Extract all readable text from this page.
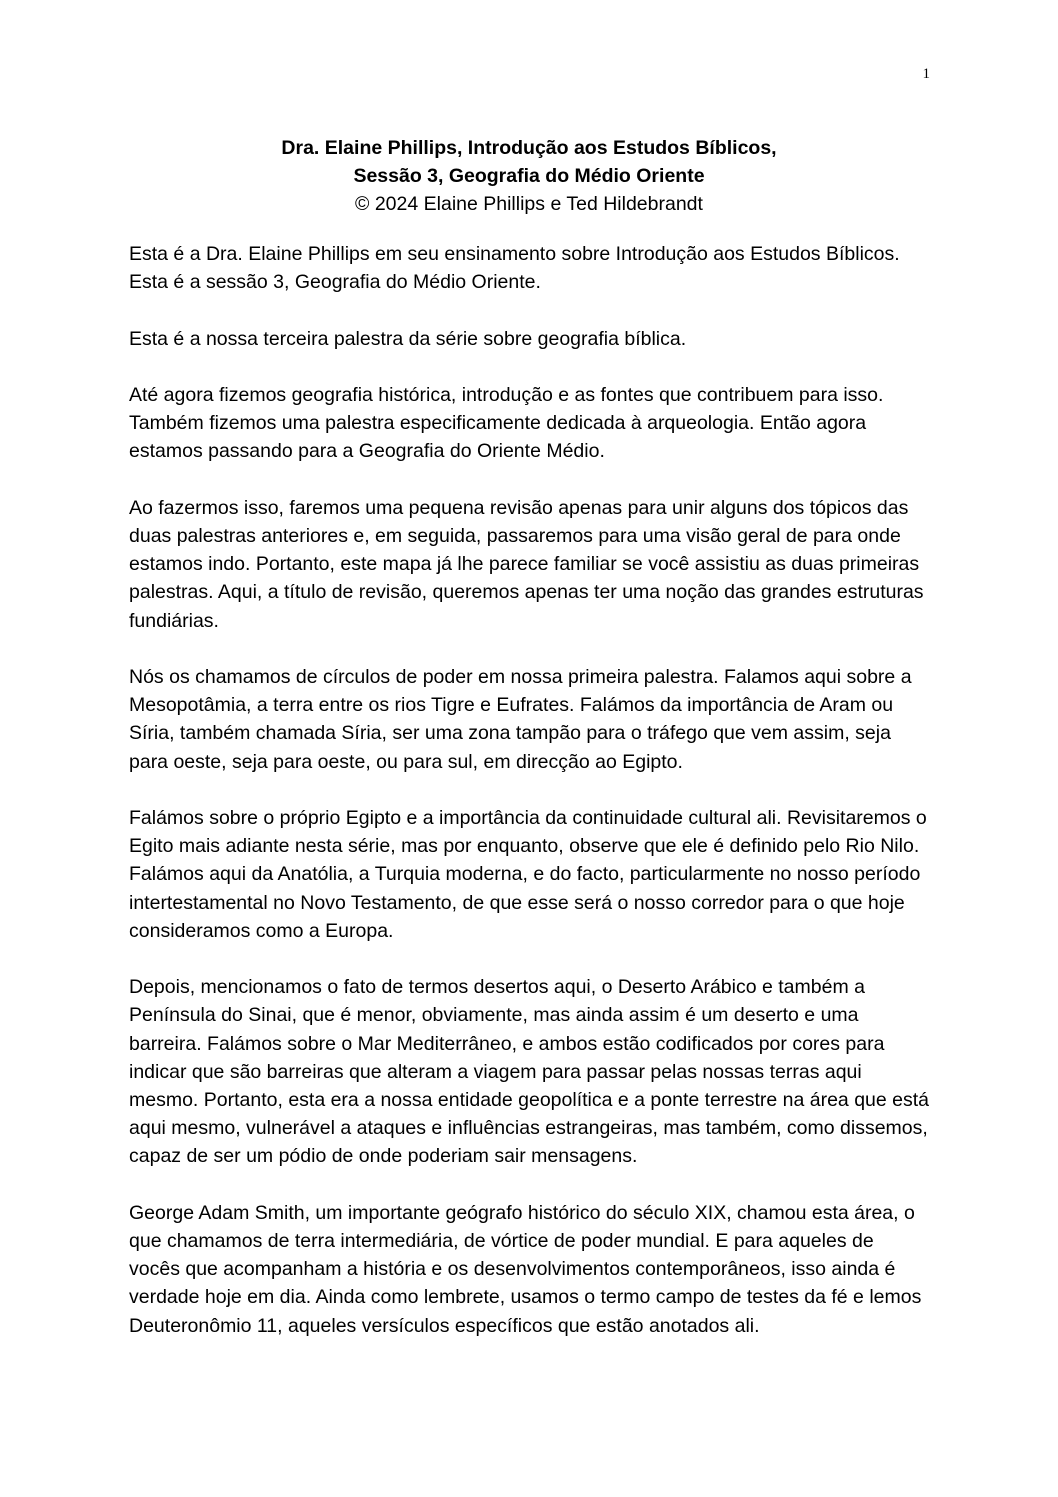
1
Dra. Elaine Phillips, Introdução aos Estudos Bíblicos,
Sessão 3, Geografia do Médio Oriente
© 2024 Elaine Phillips e Ted Hildebrandt

Esta é a Dra. Elaine Phillips em seu ensinamento sobre Introdução aos Estudos Bíblicos. Esta é a sessão 3, Geografia do Médio Oriente.

Esta é a nossa terceira palestra da série sobre geografia bíblica.

Até agora fizemos geografia histórica, introdução e as fontes que contribuem para isso. Também fizemos uma palestra especificamente dedicada à arqueologia. Então agora estamos passando para a Geografia do Oriente Médio.

Ao fazermos isso, faremos uma pequena revisão apenas para unir alguns dos tópicos das duas palestras anteriores e, em seguida, passaremos para uma visão geral de para onde estamos indo. Portanto, este mapa já lhe parece familiar se você assistiu as duas primeiras palestras. Aqui, a título de revisão, queremos apenas ter uma noção das grandes estruturas fundiárias.

Nós os chamamos de círculos de poder em nossa primeira palestra. Falamos aqui sobre a Mesopotâmia, a terra entre os rios Tigre e Eufrates. Falámos da importância de Aram ou Síria, também chamada Síria, ser uma zona tampão para o tráfego que vem assim, seja para oeste, seja para oeste, ou para sul, em direcção ao Egipto.

Falámos sobre o próprio Egipto e a importância da continuidade cultural ali. Revisitaremos o Egito mais adiante nesta série, mas por enquanto, observe que ele é definido pelo Rio Nilo. Falámos aqui da Anatólia, a Turquia moderna, e do facto, particularmente no nosso período intertestamental no Novo Testamento, de que esse será o nosso corredor para o que hoje consideramos como a Europa.

Depois, mencionamos o fato de termos desertos aqui, o Deserto Arábico e também a Península do Sinai, que é menor, obviamente, mas ainda assim é um deserto e uma barreira. Falámos sobre o Mar Mediterrâneo, e ambos estão codificados por cores para indicar que são barreiras que alteram a viagem para passar pelas nossas terras aqui mesmo. Portanto, esta era a nossa entidade geopolítica e a ponte terrestre na área que está aqui mesmo, vulnerável a ataques e influências estrangeiras, mas também, como dissemos, capaz de ser um pódio de onde poderiam sair mensagens.

George Adam Smith, um importante geógrafo histórico do século XIX, chamou esta área, o que chamamos de terra intermediária, de vórtice de poder mundial. E para aqueles de vocês que acompanham a história e os desenvolvimentos contemporâneos, isso ainda é verdade hoje em dia. Ainda como lembrete, usamos o termo campo de testes da fé e lemos Deuteronômio 11, aqueles versículos específicos que estão anotados ali.
